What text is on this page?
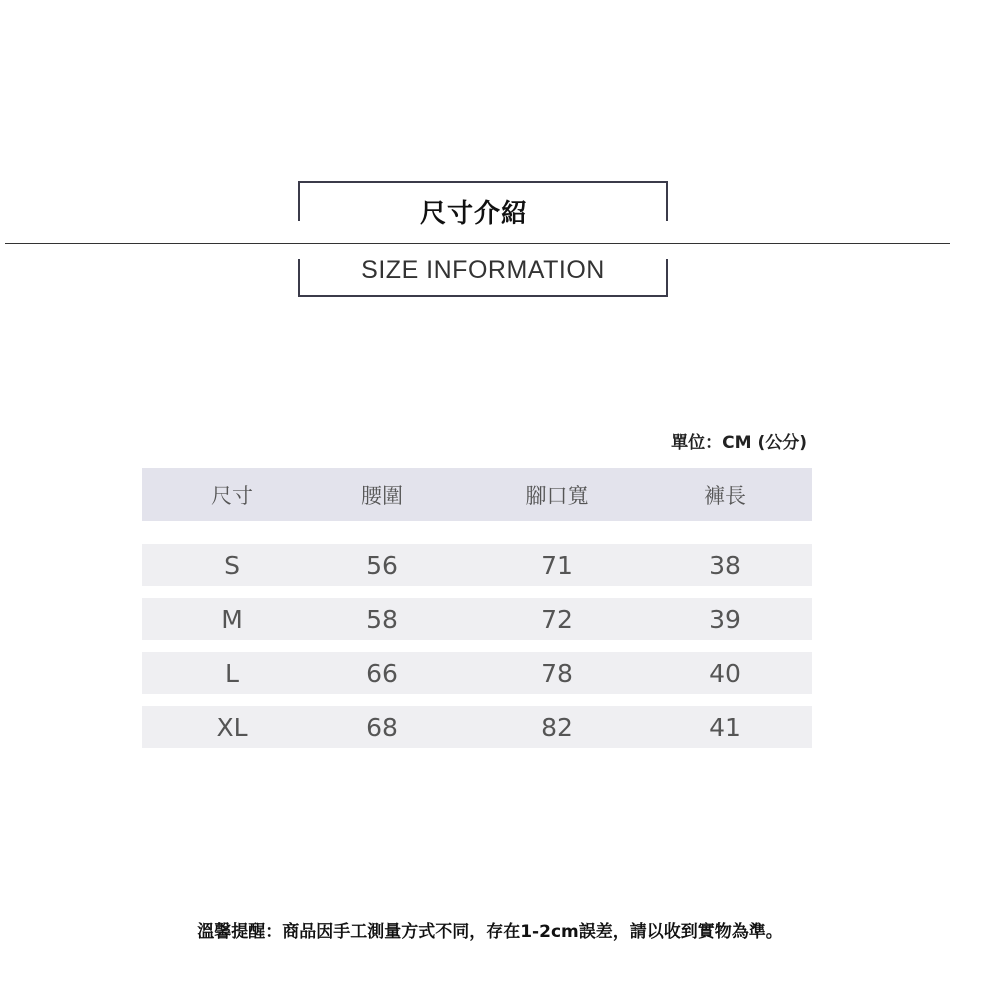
尺寸介紹
SIZE INFORMATION
單位：CM (公分)
尺寸	腰圍	腳口寬	褲長
S	56	71	38
M	58	72	39
L	66	78	40
XL	68	82	41
溫馨提醒：商品因手工測量方式不同，存在1-2cm誤差，請以收到實物為準。
